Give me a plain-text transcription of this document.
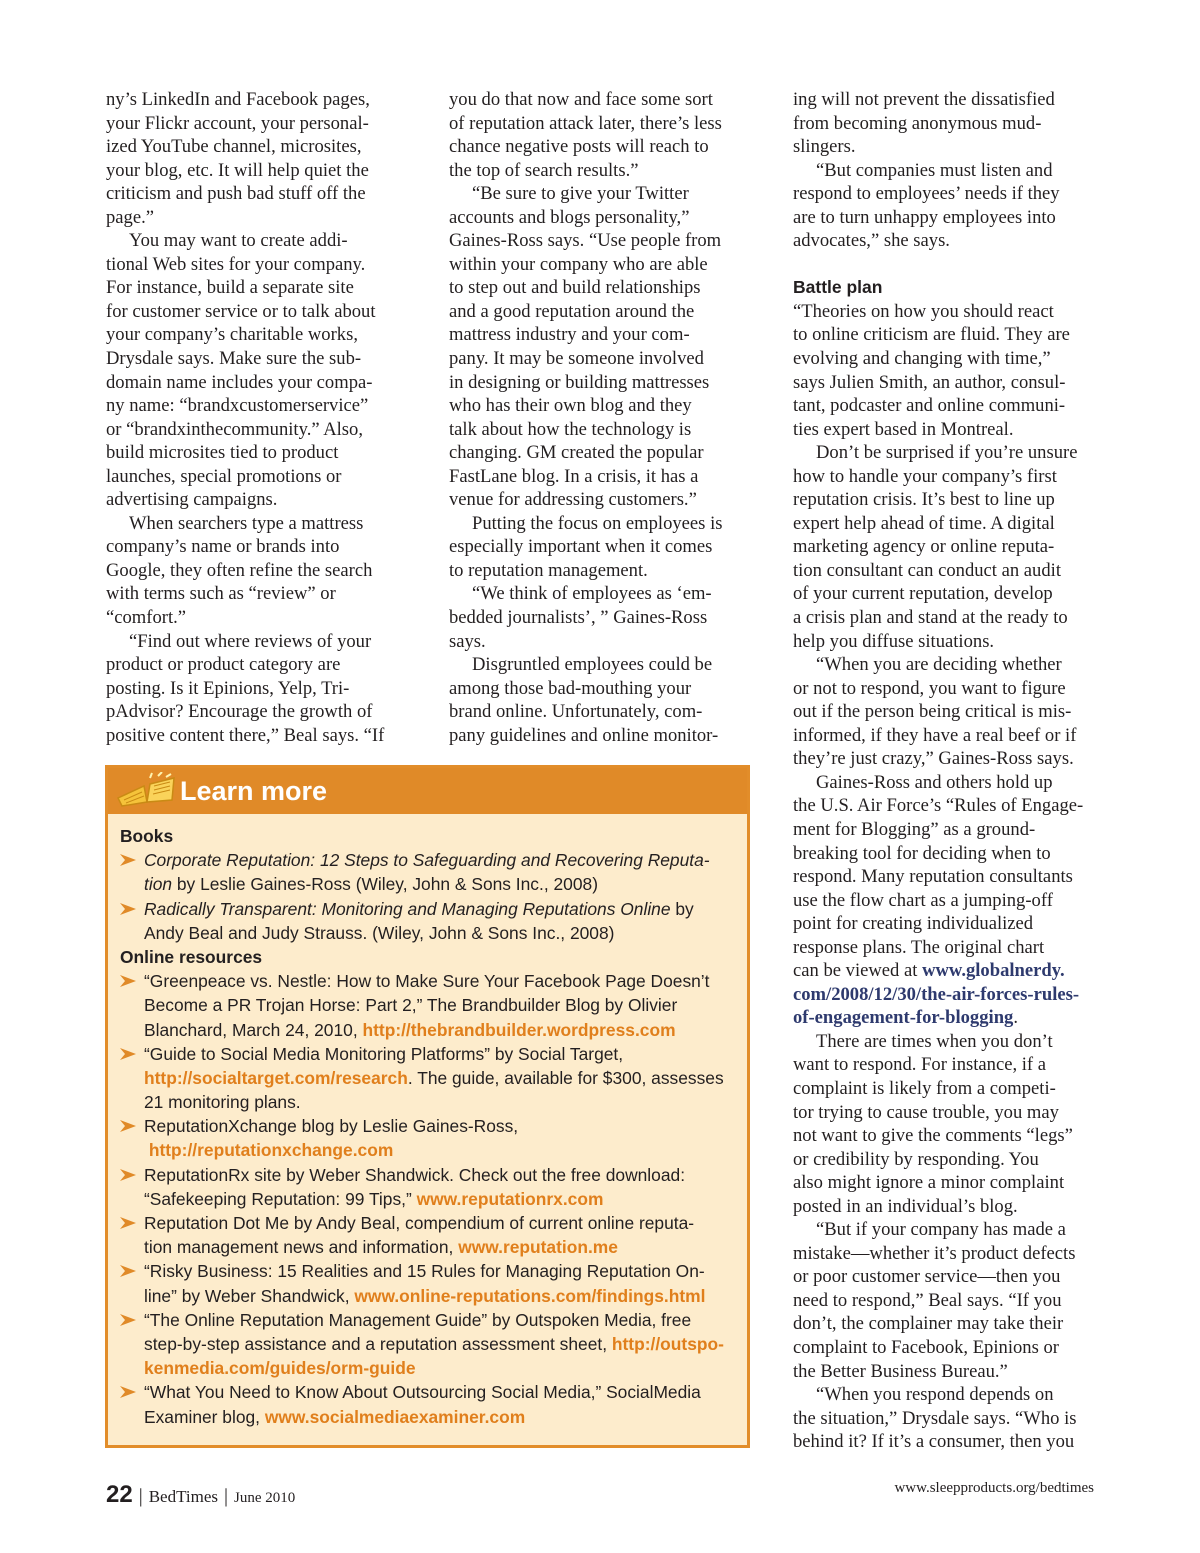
ny’s LinkedIn and Facebook pages,
your Flickr account, your personal-
ized YouTube channel, microsites,
your blog, etc. It will help quiet the
criticism and push bad stuff off the
page.”
You may want to create addi-
tional Web sites for your company.
For instance, build a separate site
for customer service or to talk about
your company’s charitable works,
Drysdale says. Make sure the sub-
domain name includes your compa-
ny name: “brandxcustomerservice”
or “brandxinthecommunity.” Also,
build microsites tied to product
launches, special promotions or
advertising campaigns.
When searchers type a mattress
company’s name or brands into
Google, they often refine the search
with terms such as “review” or
“comfort.”
“Find out where reviews of your
product or product category are
posting. Is it Epinions, Yelp, Tri-
pAdvisor? Encourage the growth of
positive content there,” Beal says. “If
you do that now and face some sort
of reputation attack later, there’s less
chance negative posts will reach to
the top of search results.”
“Be sure to give your Twitter
accounts and blogs personality,”
Gaines-Ross says. “Use people from
within your company who are able
to step out and build relationships
and a good reputation around the
mattress industry and your com-
pany. It may be someone involved
in designing or building mattresses
who has their own blog and they
talk about how the technology is
changing. GM created the popular
FastLane blog. In a crisis, it has a
venue for addressing customers.”
Putting the focus on employees is
especially important when it comes
to reputation management.
“We think of employees as ‘em-
bedded journalists’, ” Gaines-Ross
says.
Disgruntled employees could be
among those bad-mouthing your
brand online. Unfortunately, com-
pany guidelines and online monitor-
ing will not prevent the dissatisfied
from becoming anonymous mud-
slingers.
“But companies must listen and
respond to employees’ needs if they
are to turn unhappy employees into
advocates,” she says.
Battle plan
“Theories on how you should react
to online criticism are fluid. They are
evolving and changing with time,”
says Julien Smith, an author, consul-
tant, podcaster and online communi-
ties expert based in Montreal.
Don’t be surprised if you’re unsure
how to handle your company’s first
reputation crisis. It’s best to line up
expert help ahead of time. A digital
marketing agency or online reputa-
tion consultant can conduct an audit
of your current reputation, develop
a crisis plan and stand at the ready to
help you diffuse situations.
“When you are deciding whether
or not to respond, you want to figure
out if the person being critical is mis-
informed, if they have a real beef or if
they’re just crazy,” Gaines-Ross says.
Gaines-Ross and others hold up
the U.S. Air Force’s “Rules of Engage-
ment for Blogging” as a ground-
breaking tool for deciding when to
respond. Many reputation consultants
use the flow chart as a jumping-off
point for creating individualized
response plans. The original chart
can be viewed at www.globalnerdy.
com/2008/12/30/the-air-forces-rules-
of-engagement-for-blogging.
There are times when you don’t
want to respond. For instance, if a
complaint is likely from a competi-
tor trying to cause trouble, you may
not want to give the comments “legs”
or credibility by responding. You
also might ignore a minor complaint
posted in an individual’s blog.
“But if your company has made a
mistake—whether it’s product defects
or poor customer service—then you
need to respond,” Beal says. “If you
don’t, the complainer may take their
complaint to Facebook, Epinions or
the Better Business Bureau.”
“When you respond depends on
the situation,” Drysdale says. “Who is
behind it? If it’s a consumer, then you
Learn more
Books
Corporate Reputation: 12 Steps to Safeguarding and Recovering Reputa-
tion by Leslie Gaines-Ross (Wiley, John & Sons Inc., 2008)
Radically Transparent: Monitoring and Managing Reputations Online by
Andy Beal and Judy Strauss. (Wiley, John & Sons Inc., 2008)
Online resources
“Greenpeace vs. Nestle: How to Make Sure Your Facebook Page Doesn’t
Become a PR Trojan Horse: Part 2,” The Brandbuilder Blog by Olivier
Blanchard, March 24, 2010, http://thebrandbuilder.wordpress.com
“Guide to Social Media Monitoring Platforms” by Social Target,
http://socialtarget.com/research. The guide, available for $300, assesses
21 monitoring plans.
ReputationXchange blog by Leslie Gaines-Ross,
http://reputationxchange.com
ReputationRx site by Weber Shandwick. Check out the free download:
“Safekeeping Reputation: 99 Tips,” www.reputationrx.com
Reputation Dot Me by Andy Beal, compendium of current online reputa-
tion management news and information, www.reputation.me
“Risky Business: 15 Realities and 15 Rules for Managing Reputation On-
line” by Weber Shandwick, www.online-reputations.com/findings.html
“The Online Reputation Management Guide” by Outspoken Media, free
step-by-step assistance and a reputation assessment sheet, http://outspo-
kenmedia.com/guides/orm-guide
“What You Need to Know About Outsourcing Social Media,” SocialMedia
Examiner blog, www.socialmediaexaminer.com
22 | BedTimes | June 2010
www.sleepproducts.org/bedtimes
